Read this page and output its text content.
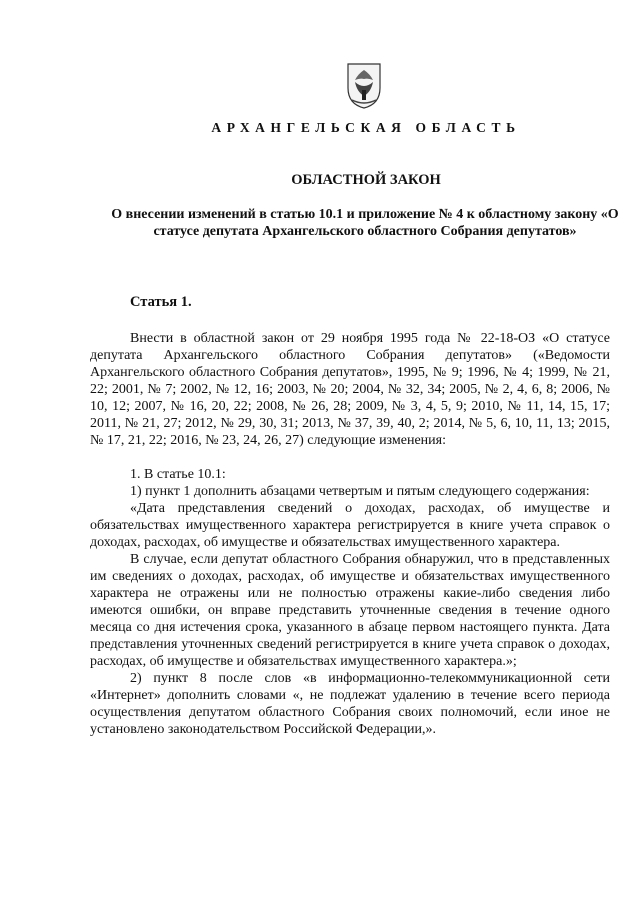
АРХАНГЕЛЬСКАЯ ОБЛАСТЬ
ОБЛАСТНОЙ ЗАКОН
О внесении изменений в статью 10.1 и приложение № 4 к областному закону «О статусе депутата Архангельского областного Собрания депутатов»
Статья 1.

Внести в областной закон от 29 ноября 1995 года № 22-18-ОЗ «О статусе депутата Архангельского областного Собрания депутатов» («Ведомости Архангельского областного Собрания депутатов», 1995, № 9; 1996, № 4; 1999, № 21, 22; 2001, № 7; 2002, № 12, 16; 2003, № 20; 2004, № 32, 34; 2005, № 2, 4, 6, 8; 2006, № 10, 12; 2007, № 16, 20, 22; 2008, № 26, 28; 2009, № 3, 4, 5, 9; 2010, № 11, 14, 15, 17; 2011, № 21, 27; 2012, № 29, 30, 31; 2013, № 37, 39, 40, 2; 2014, № 5, 6, 10, 11, 13; 2015, № 17, 21, 22; 2016, № 23, 24, 26, 27) следующие изменения:

1. В статье 10.1:

1) пункт 1 дополнить абзацами четвертым и пятым следующего содержания:

«Дата представления сведений о доходах, расходах, об имуществе и обязательствах имущественного характера регистрируется в книге учета справок о доходах, расходах, об имуществе и обязательствах имущественного характера.

В случае, если депутат областного Собрания обнаружил, что в представленных им сведениях о доходах, расходах, об имуществе и обязательствах имущественного характера не отражены или не полностью отражены какие-либо сведения либо имеются ошибки, он вправе представить уточненные сведения в течение одного месяца со дня истечения срока, указанного в абзаце первом настоящего пункта. Дата представления уточненных сведений регистрируется в книге учета справок о доходах, расходах, об имуществе и обязательствах имущественного характера.»;

2) пункт 8 после слов «в информационно-телекоммуникационной сети «Интернет» дополнить словами «, не подлежат удалению в течение всего периода осуществления депутатом областного Собрания своих полномочий, если иное не установлено законодательством Российской Федерации,».
